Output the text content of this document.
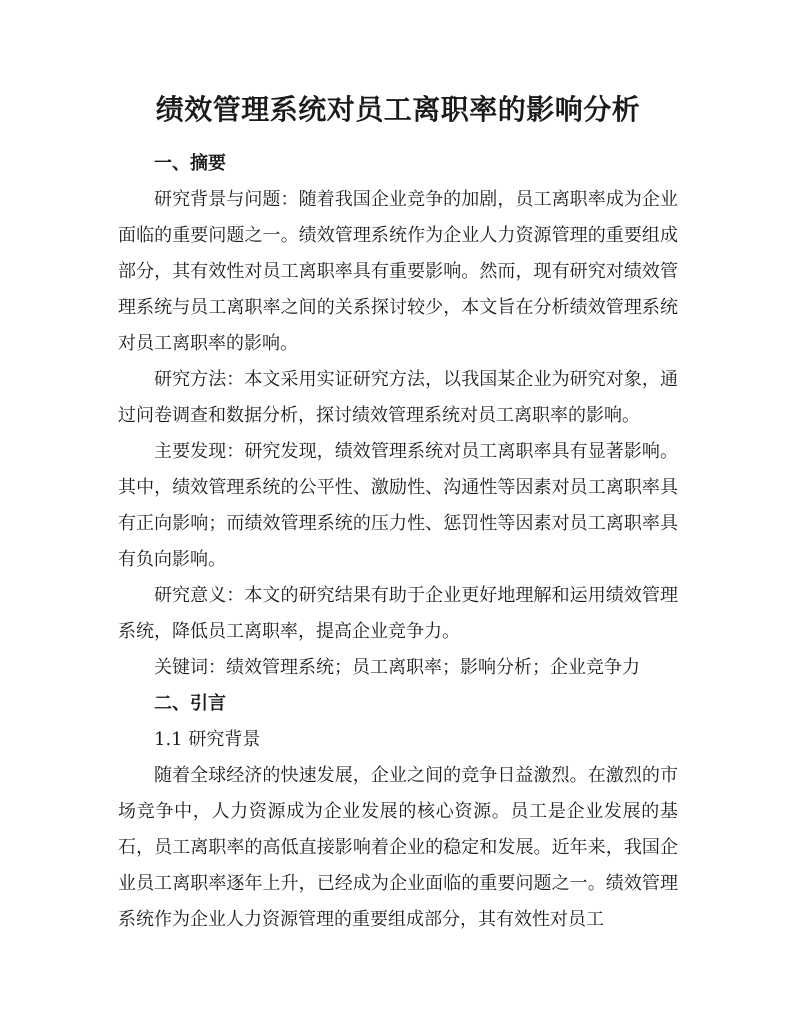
绩效管理系统对员工离职率的影响分析

一、摘要

研究背景与问题：随着我国企业竞争的加剧，员工离职率成为企业面临的重要问题之一。绩效管理系统作为企业人力资源管理的重要组成部分，其有效性对员工离职率具有重要影响。然而，现有研究对绩效管理系统与员工离职率之间的关系探讨较少，本文旨在分析绩效管理系统对员工离职率的影响。

研究方法：本文采用实证研究方法，以我国某企业为研究对象，通过问卷调查和数据分析，探讨绩效管理系统对员工离职率的影响。

主要发现：研究发现，绩效管理系统对员工离职率具有显著影响。其中，绩效管理系统的公平性、激励性、沟通性等因素对员工离职率具有正向影响；而绩效管理系统的压力性、惩罚性等因素对员工离职率具有负向影响。

研究意义：本文的研究结果有助于企业更好地理解和运用绩效管理系统，降低员工离职率，提高企业竞争力。

关键词：绩效管理系统；员工离职率；影响分析；企业竞争力

二、引言

1.1 研究背景

随着全球经济的快速发展，企业之间的竞争日益激烈。在激烈的市场竞争中，人力资源成为企业发展的核心资源。员工是企业发展的基石，员工离职率的高低直接影响着企业的稳定和发展。近年来，我国企业员工离职率逐年上升，已经成为企业面临的重要问题之一。绩效管理系统作为企业人力资源管理的重要组成部分，其有效性对员工
